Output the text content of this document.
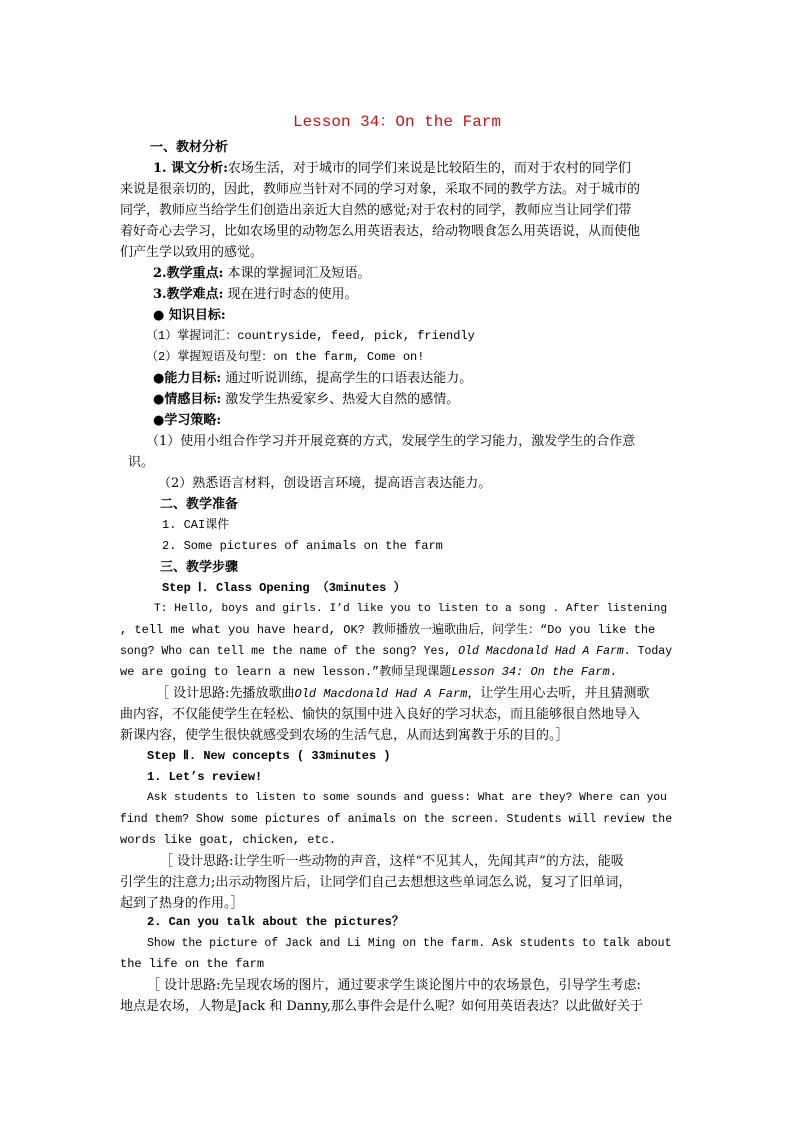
Lesson 34：On the Farm
一、教材分析
1. 课文分析:农场生活，对于城市的同学们来说是比较陌生的，而对于农村的同学们
来说是很亲切的，因此，教师应当针对不同的学习对象，采取不同的教学方法。对于城市的
同学，教师应当给学生们创造出亲近大自然的感觉;对于农村的同学，教师应当让同学们带
着好奇心去学习，比如农场里的动物怎么用英语表达，给动物喂食怎么用英语说，从而使他
们产生学以致用的感觉。
2.教学重点: 本课的掌握词汇及短语。
3.教学难点: 现在进行时态的使用。
● 知识目标:
（1）掌握词汇：countryside, feed, pick, friendly
（2）掌握短语及句型：on the farm, Come on!
●能力目标: 通过听说训练，提高学生的口语表达能力。
●情感目标: 激发学生热爱家乡、热爱大自然的感情。
●学习策略:
（1）使用小组合作学习并开展竞赛的方式，发展学生的学习能力，激发学生的合作意
识。
（2）熟悉语言材料，创设语言环境，提高语言表达能力。
二、教学准备
1. CAI课件
2. Some pictures of animals on the farm
三、教学步骤
Step Ⅰ. Class Opening （3minutes ）
T: Hello, boys and girls. I’d like you to listen to a song . After listening
, tell me what you have heard, OK? 教师播放一遍歌曲后，问学生：“Do you like the
song? Who can tell me the name of the song? Yes, Old Macdonald Had A Farm. Today
we are going to learn a new lesson.”教师呈现课题Lesson 34: On the Farm.
［ 设计思路:先播放歌曲Old Macdonald Had A Farm，让学生用心去听，并且猜测歌
曲内容，不仅能使学生在轻松、愉快的氛围中进入良好的学习状态，而且能够很自然地导入
新课内容，使学生很快就感受到农场的生活气息，从而达到寓教于乐的目的。］
Step Ⅱ. New concepts ( 33minutes )
1. Let’s review!
Ask students to listen to some sounds and guess: What are they? Where can you
find them? Show some pictures of animals on the screen. Students will review the
words like goat, chicken, etc.
［ 设计思路:让学生听一些动物的声音，这样“不见其人，先闻其声”的方法，能吸
引学生的注意力;出示动物图片后，让同学们自己去想想这些单词怎么说，复习了旧单词，
起到了热身的作用。］
2. Can you talk about the pictures？
Show the picture of Jack and Li Ming on the farm. Ask students to talk about
the life on the farm
［ 设计思路:先呈现农场的图片，通过要求学生谈论图片中的农场景色，引导学生考虑:
地点是农场，人物是Jack 和 Danny,那么事件会是什么呢？如何用英语表达？以此做好关于
